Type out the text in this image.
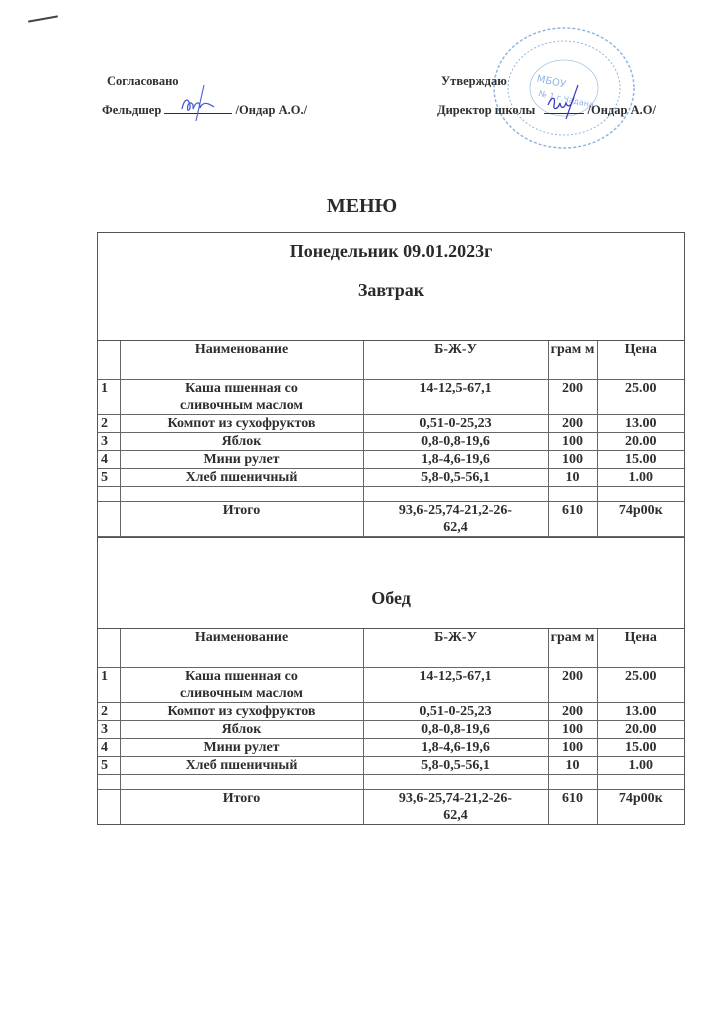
Согласовано
Фельдшер	/Ондар А.О./
МБОУ
№ 1 г.Чадана
Утверждаю
Директор школы	/Ондар А.О/
МЕНЮ
Понедельник 09.01.2023г
Завтрак
	Наименование	Б-Ж-У	грам м	Цена
1	Каша пшенная со сливочным маслом	14-12,5-67,1	200	25.00
2	Компот из сухофруктов	0,51-0-25,23	200	13.00
3	Яблок	0,8-0,8-19,6	100	20.00
4	Мини рулет	1,8-4,6-19,6	100	15.00
5	Хлеб пшеничный	5,8-0,5-56,1	10	1.00

	Итого	93,6-25,74-21,2-26-62,4	610	74р00к
Обед
	Наименование	Б-Ж-У	грам м	Цена
1	Каша пшенная со сливочным маслом	14-12,5-67,1	200	25.00
2	Компот из сухофруктов	0,51-0-25,23	200	13.00
3	Яблок	0,8-0,8-19,6	100	20.00
4	Мини рулет	1,8-4,6-19,6	100	15.00
5	Хлеб пшеничный	5,8-0,5-56,1	10	1.00

	Итого	93,6-25,74-21,2-26-62,4	610	74р00к
